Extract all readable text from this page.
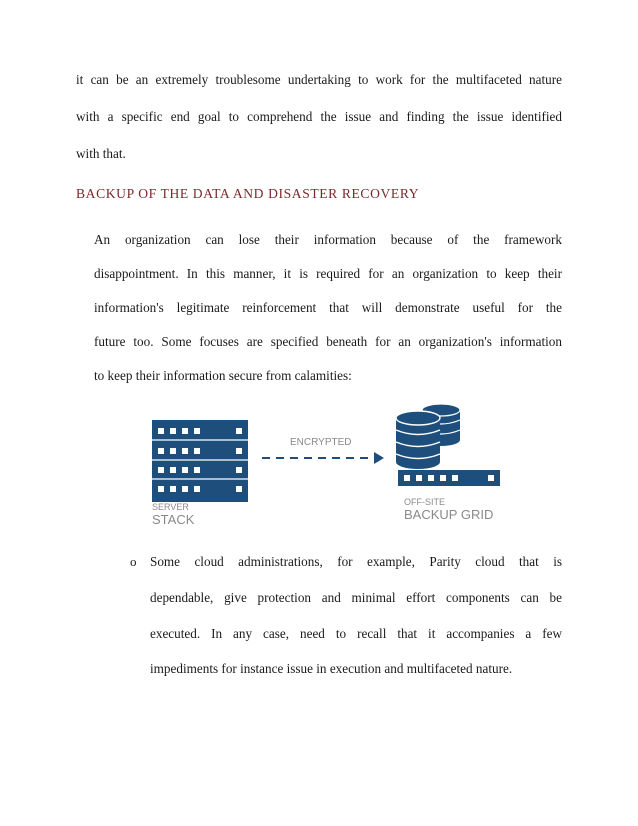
it can be an extremely troublesome undertaking to work for the multifaceted nature
with a specific end goal to comprehend the issue and finding the issue identified
with that.
BACKUP OF THE DATA AND DISASTER RECOVERY
An organization can lose their information because of the framework
disappointment. In this manner, it is required for an organization to keep their
information's legitimate reinforcement that will demonstrate useful for the
future too. Some focuses are specified beneath for an organization's information
to keep their information secure from calamities:
SERVER
STACK
ENCRYPTED
OFF-SITE
BACKUP GRID
o Some cloud administrations, for example, Parity cloud that is
dependable, give protection and minimal effort components can be
executed. In any case, need to recall that it accompanies a few
impediments for instance issue in execution and multifaceted nature.
